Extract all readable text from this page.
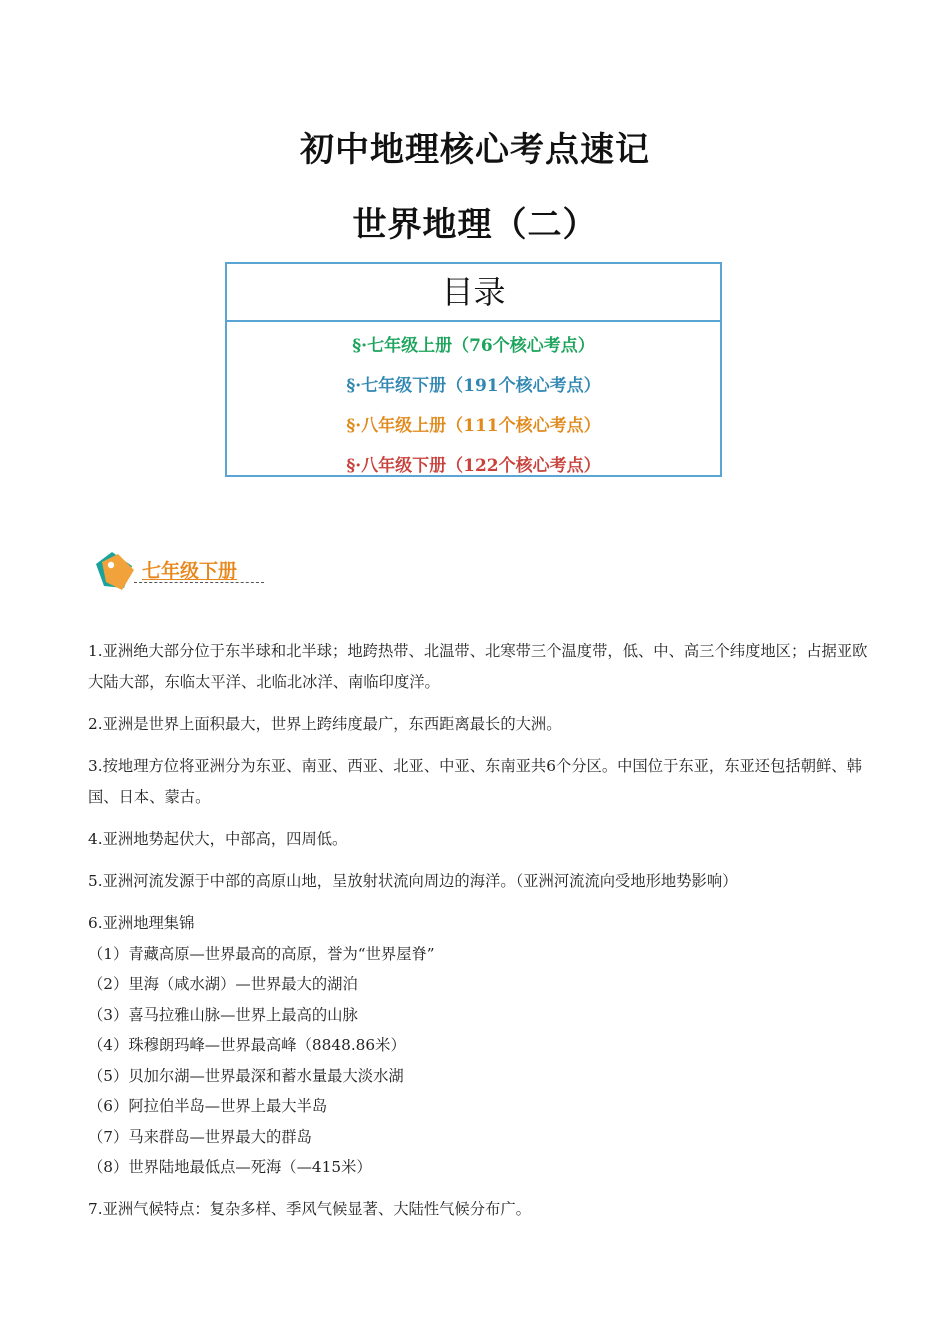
初中地理核心考点速记
世界地理（二）
目录
§·七年级上册（76个核心考点）
§·七年级下册（191个核心考点）
§·八年级上册（111个核心考点）
§·八年级下册（122个核心考点）
七年级下册

1.亚洲绝大部分位于东半球和北半球；地跨热带、北温带、北寒带三个温度带，低、中、高三个纬度地区；占据亚欧大陆大部，东临太平洋、北临北冰洋、南临印度洋。

2.亚洲是世界上面积最大，世界上跨纬度最广，东西距离最长的大洲。

3.按地理方位将亚洲分为东亚、南亚、西亚、北亚、中亚、东南亚共6个分区。中国位于东亚，东亚还包括朝鲜、韩国、日本、蒙古。

4.亚洲地势起伏大，中部高，四周低。

5.亚洲河流发源于中部的高原山地，呈放射状流向周边的海洋。（亚洲河流流向受地形地势影响）

6.亚洲地理集锦

（1）青藏高原—世界最高的高原，誉为“世界屋脊”

（2）里海（咸水湖）—世界最大的湖泊

（3）喜马拉雅山脉—世界上最高的山脉

（4）珠穆朗玛峰—世界最高峰（8848.86米）

（5）贝加尔湖—世界最深和蓄水量最大淡水湖

（6）阿拉伯半岛—世界上最大半岛

（7）马来群岛—世界最大的群岛

（8）世界陆地最低点—死海（—415米）

7.亚洲气候特点：复杂多样、季风气候显著、大陆性气候分布广。
